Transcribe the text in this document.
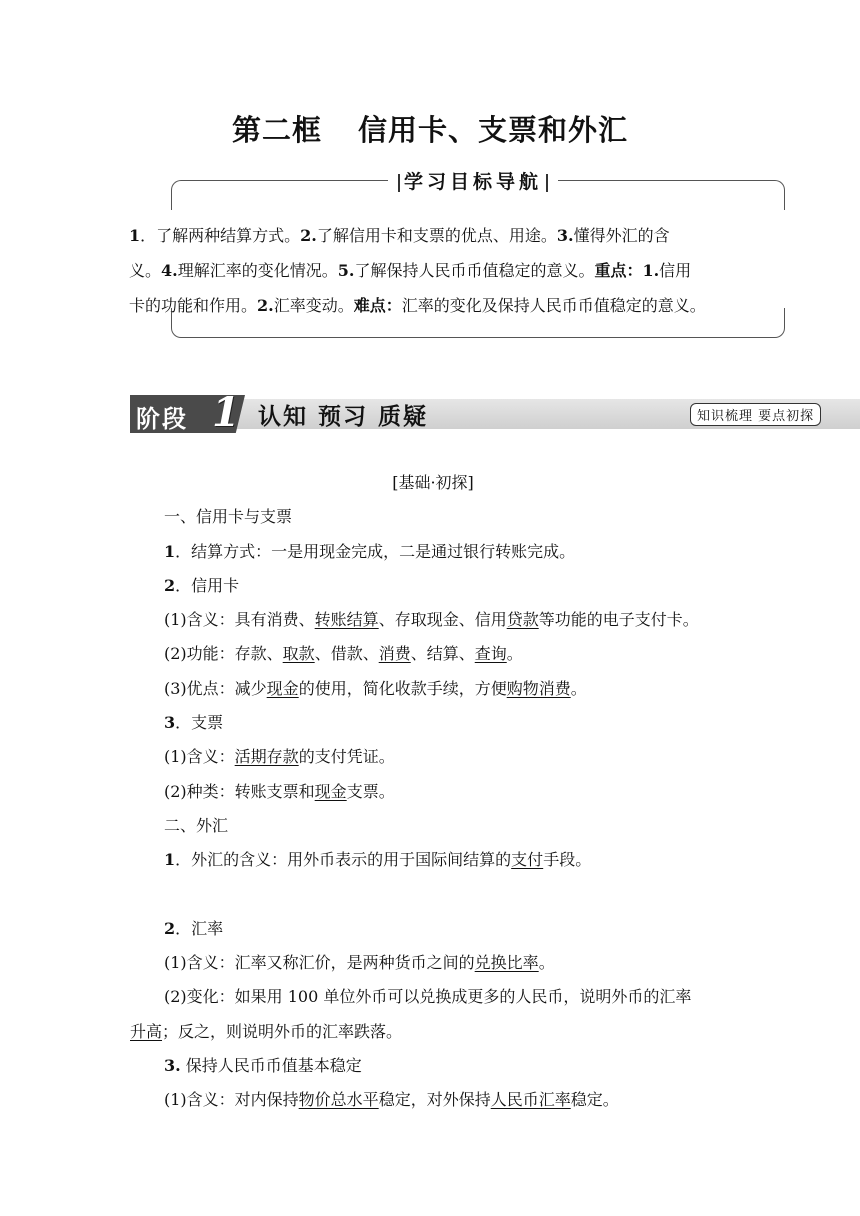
第二框 信用卡、支票和外汇
学习目标导航
1．了解两种结算方式。2.了解信用卡和支票的优点、用途。3.懂得外汇的含
义。4.理解汇率的变化情况。5.了解保持人民币币值稳定的意义。重点：1.信用
卡的功能和作用。2.汇率变动。难点：汇率的变化及保持人民币币值稳定的意义。
阶段 1 认知 预习 质疑	知识梳理 要点初探
[基础·初探]
一、信用卡与支票
1．结算方式：一是用现金完成，二是通过银行转账完成。
2．信用卡
(1)含义：具有消费、转账结算、存取现金、信用贷款等功能的电子支付卡。
(2)功能：存款、取款、借款、消费、结算、查询。
(3)优点：减少现金的使用，简化收款手续，方便购物消费。
3．支票
(1)含义：活期存款的支付凭证。
(2)种类：转账支票和现金支票。
二、外汇
1．外汇的含义：用外币表示的用于国际间结算的支付手段。
2．汇率
(1)含义：汇率又称汇价，是两种货币之间的兑换比率。
(2)变化：如果用 100 单位外币可以兑换成更多的人民币，说明外币的汇率
升高；反之，则说明外币的汇率跌落。
3. 保持人民币币值基本稳定
(1)含义：对内保持物价总水平稳定，对外保持人民币汇率稳定。
